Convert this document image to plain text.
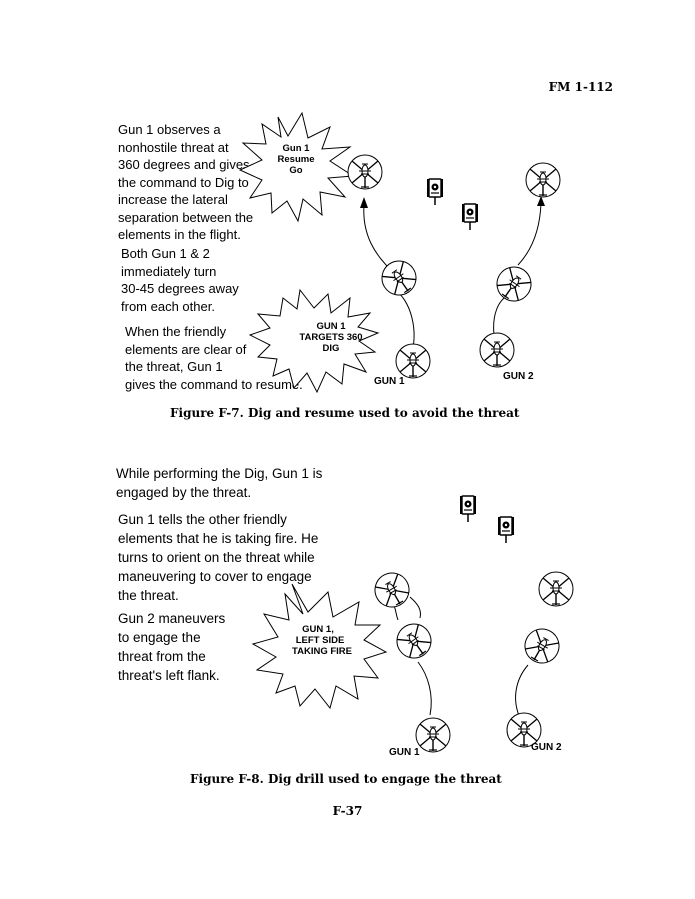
FM 1-112
Gun 1 observes a
nonhostile threat at
360 degrees and gives
the command to Dig to
increase the lateral
separation between the
elements in the flight.
Both Gun 1 & 2
immediately turn
30-45 degrees away
from each other.
When the friendly
elements are clear of
the threat, Gun 1
gives the command to resume.
While performing the Dig, Gun 1 is
engaged by the threat.
Gun 1 tells the other friendly
elements that he is taking fire. He
turns to orient on the threat while
maneuvering to cover to engage
the threat.
Gun 2 maneuvers
to engage the
threat from the
threat's left flank.
Gun 1
Resume
Go
GUN 1
TARGETS 360
DIG
GUN 1	GUN 2
GUN 1,
LEFT SIDE
TAKING FIRE
GUN 1	GUN 2
Figure F-7. Dig and resume used to avoid the threat
Figure F-8. Dig drill used to engage the threat
F-37
